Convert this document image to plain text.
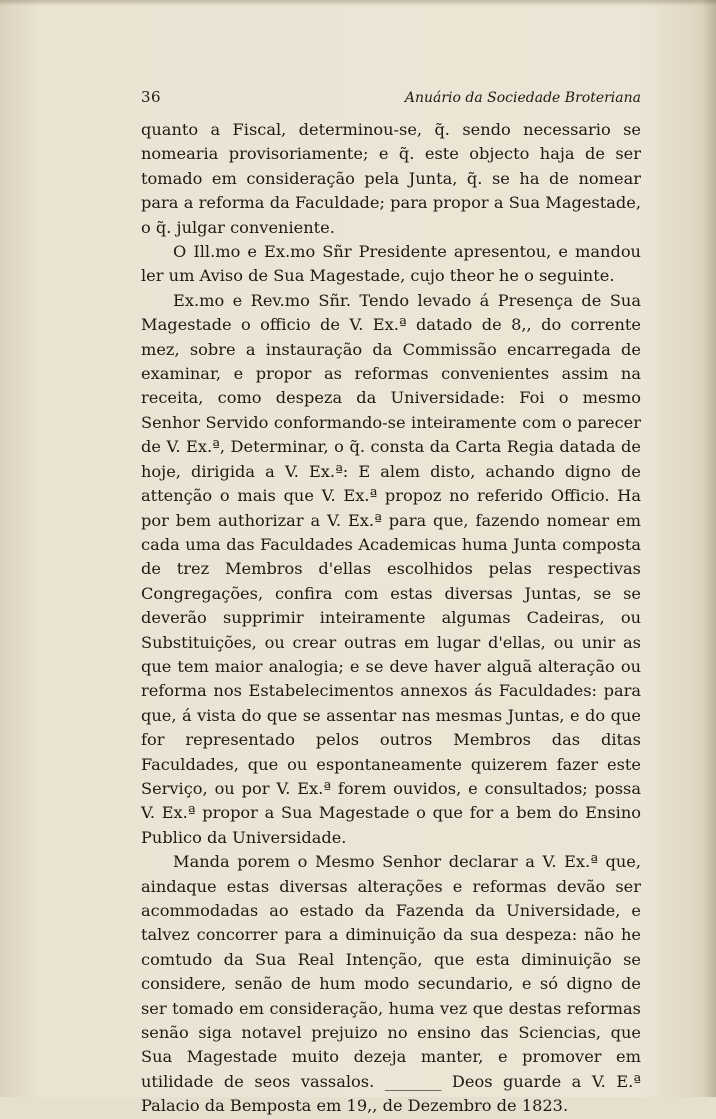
36	Anuário da Sociedade Broteriana

quanto a Fiscal, determinou-se, q̃. sendo necessario se nomearia provisoriamente; e q̃. este objecto haja de ser tomado em consideração pela Junta, q̃. se ha de nomear para a reforma da Faculdade; para propor a Sua Magestade, o q̃. julgar conveniente.

O Ill.mo e Ex.mo Sñr Presidente apresentou, e mandou ler um Aviso de Sua Magestade, cujo theor he o seguinte.

Ex.mo e Rev.mo Sñr. Tendo levado á Presença de Sua Magestade o officio de V. Ex.ª datado de 8,, do corrente mez, sobre a instauração da Commissão encarregada de examinar, e propor as reformas convenientes assim na receita, como despeza da Universidade: Foi o mesmo Senhor Servido conformando-se inteiramente com o parecer de V. Ex.ª, Determinar, o q̃. consta da Carta Regia datada de hoje, dirigida a V. Ex.ª: E alem disto, achando digno de attenção o mais que V. Ex.ª propoz no referido Officio. Ha por bem authorizar a V. Ex.ª para que, fazendo nomear em cada uma das Faculdades Academicas huma Junta composta de trez Membros d'ellas escolhidos pelas respectivas Congregações, confira com estas diversas Juntas, se se deverão supprimir inteiramente algumas Cadeiras, ou Substituições, ou crear outras em lugar d'ellas, ou unir as que tem maior analogia; e se deve haver alguã alteração ou reforma nos Estabelecimentos annexos ás Faculdades: para que, á vista do que se assentar nas mesmas Juntas, e do que for representado pelos outros Membros das ditas Faculdades, que ou espontaneamente quizerem fazer este Serviço, ou por V. Ex.ª forem ouvidos, e consultados; possa V. Ex.ª propor a Sua Magestade o que for a bem do Ensino Publico da Universidade.

Manda porem o Mesmo Senhor declarar a V. Ex.ª que, aindaque estas diversas alterações e reformas devão ser acommodadas ao estado da Fazenda da Universidade, e talvez concorrer para a diminuição da sua despeza: não he comtudo da Sua Real Intenção, que esta diminuição se considere, senão de hum modo secundario, e só digno de ser tomado em consideração, huma vez que destas reformas senão siga notavel prejuizo no ensino das Sciencias, que Sua Magestade muito dezeja manter, e promover em utilidade de seos vassalos. _______ Deos guarde a V. E.ª Palacio da Bemposta em 19,, de Dezembro de 1823.
